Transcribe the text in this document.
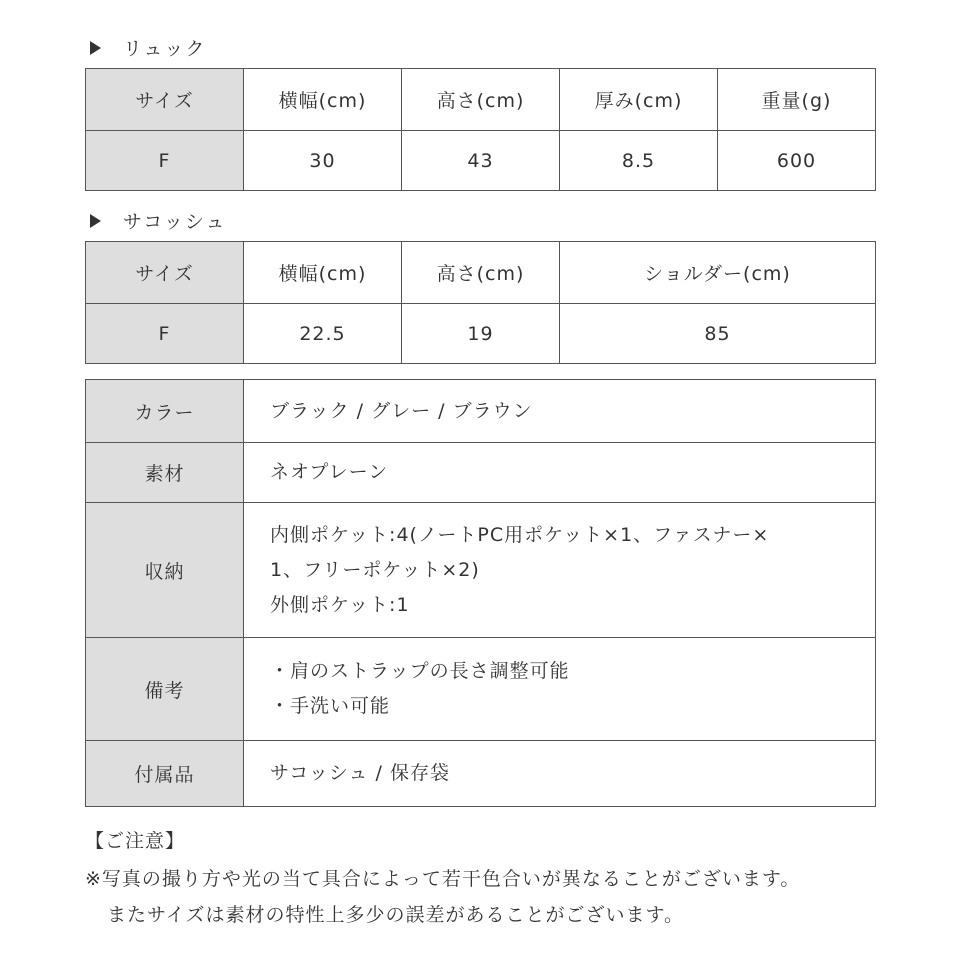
リュック
サイズ	横幅(cm)	高さ(cm)	厚み(cm)	重量(g)
F	30	43	8.5	600
サコッシュ
サイズ	横幅(cm)	高さ(cm)	ショルダー(cm)
F	22.5	19	85
カラー	ブラック / グレー / ブラウン
素材	ネオプレーン
収納	内側ポケット:4(ノートPC用ポケット×1、ファスナー×
1、フリーポケット×2)
外側ポケット:1

備考	・肩のストラップの長さ調整可能
・手洗い可能

付属品	サコッシュ / 保存袋
【ご注意】
※写真の撮り方や光の当て具合によって若干色合いが異なることがございます。
またサイズは素材の特性上多少の誤差があることがございます。
